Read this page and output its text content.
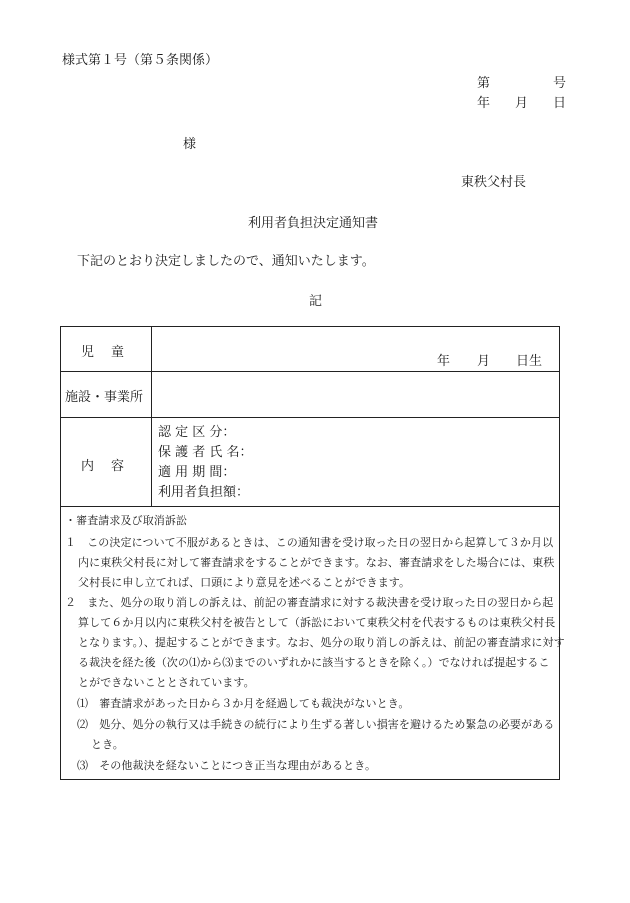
様式第１号（第５条関係）
第	号
年 月 日
様
東秩父村長
利用者負担決定通知書
下記のとおり決定しましたので、通知いたします。
記
児　童
年 月 日生
施設・事業所
内　容
認 定 区 分：
保 護 者 氏 名：
適 用 期 間：
利用者負担額：
・審査請求及び取消訴訟
１　この決定について不服があるときは、この通知書を受け取った日の翌日から起算して３か月以
内に東秩父村長に対して審査請求をすることができます。なお、審査請求をした場合には、東秩
父村長に申し立てれば、口頭により意見を述べることができます。
２　また、処分の取り消しの訴えは、前記の審査請求に対する裁決書を受け取った日の翌日から起
算して６か月以内に東秩父村を被告として（訴訟において東秩父村を代表するものは東秩父村長
となります。）、提起することができます。なお、処分の取り消しの訴えは、前記の審査請求に対す
る裁決を経た後（次の⑴から⑶までのいずれかに該当するときを除く。）でなければ提起するこ
とができないこととされています。
⑴　審査請求があった日から３か月を経過しても裁決がないとき。
⑵　処分、処分の執行又は手続きの続行により生ずる著しい損害を避けるため緊急の必要がある
とき。
⑶　その他裁決を経ないことにつき正当な理由があるとき。
